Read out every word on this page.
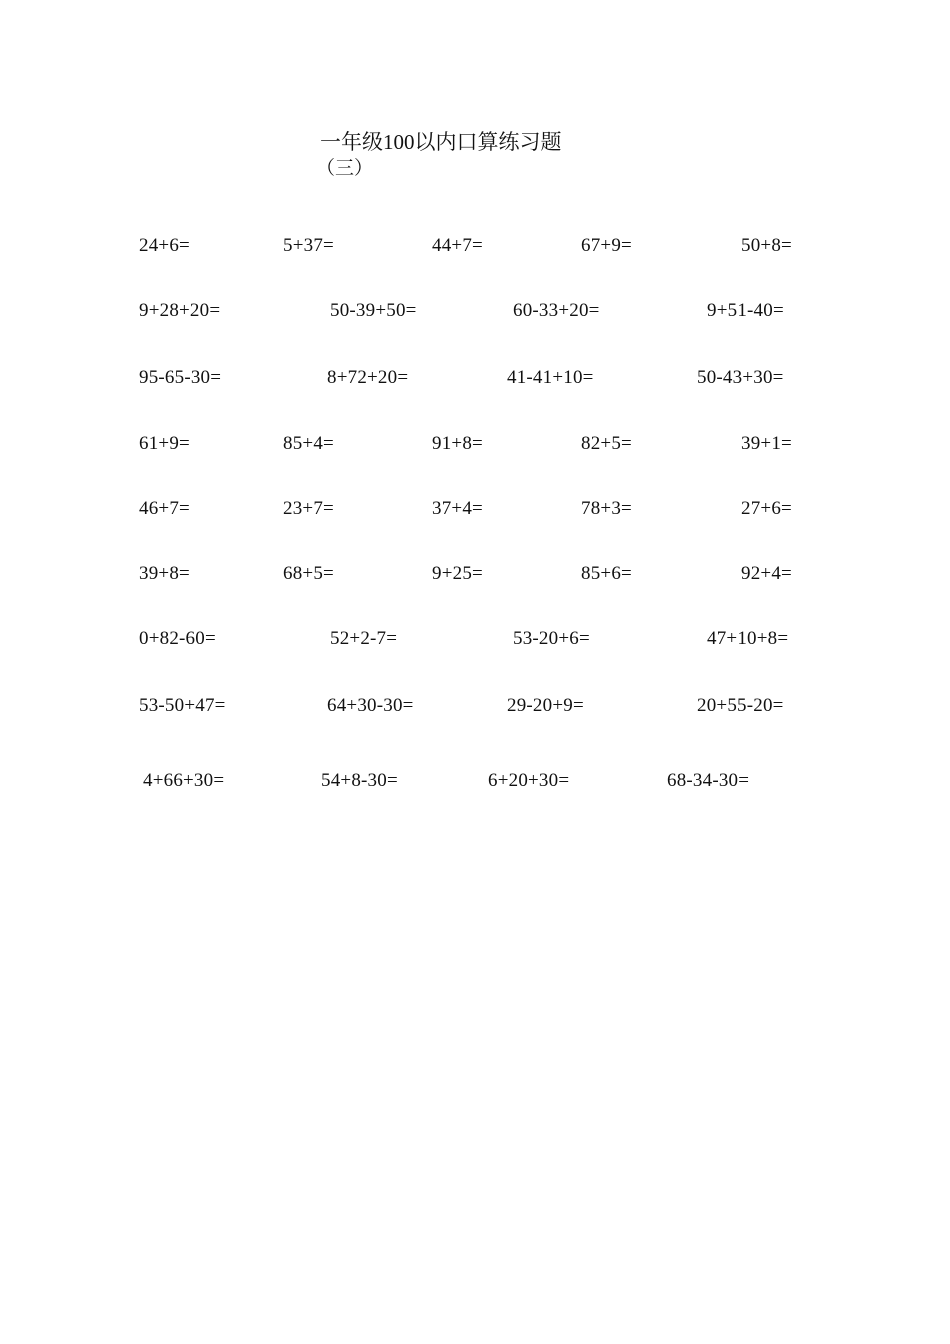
一年级100以内口算练习题
（三）
24+6=	5+37=	44+7=	67+9=	50+8=
9+28+20=	50-39+50=	60-33+20=	9+51-40=
95-65-30=	8+72+20=	41-41+10=	50-43+30=
61+9=	85+4=	91+8=	82+5=	39+1=
46+7=	23+7=	37+4=	78+3=	27+6=
39+8=	68+5=	9+25=	85+6=	92+4=
0+82-60=	52+2-7=	53-20+6=	47+10+8=
53-50+47=	64+30-30=	29-20+9=	20+55-20=
4+66+30=	54+8-30=	6+20+30=	68-34-30=
